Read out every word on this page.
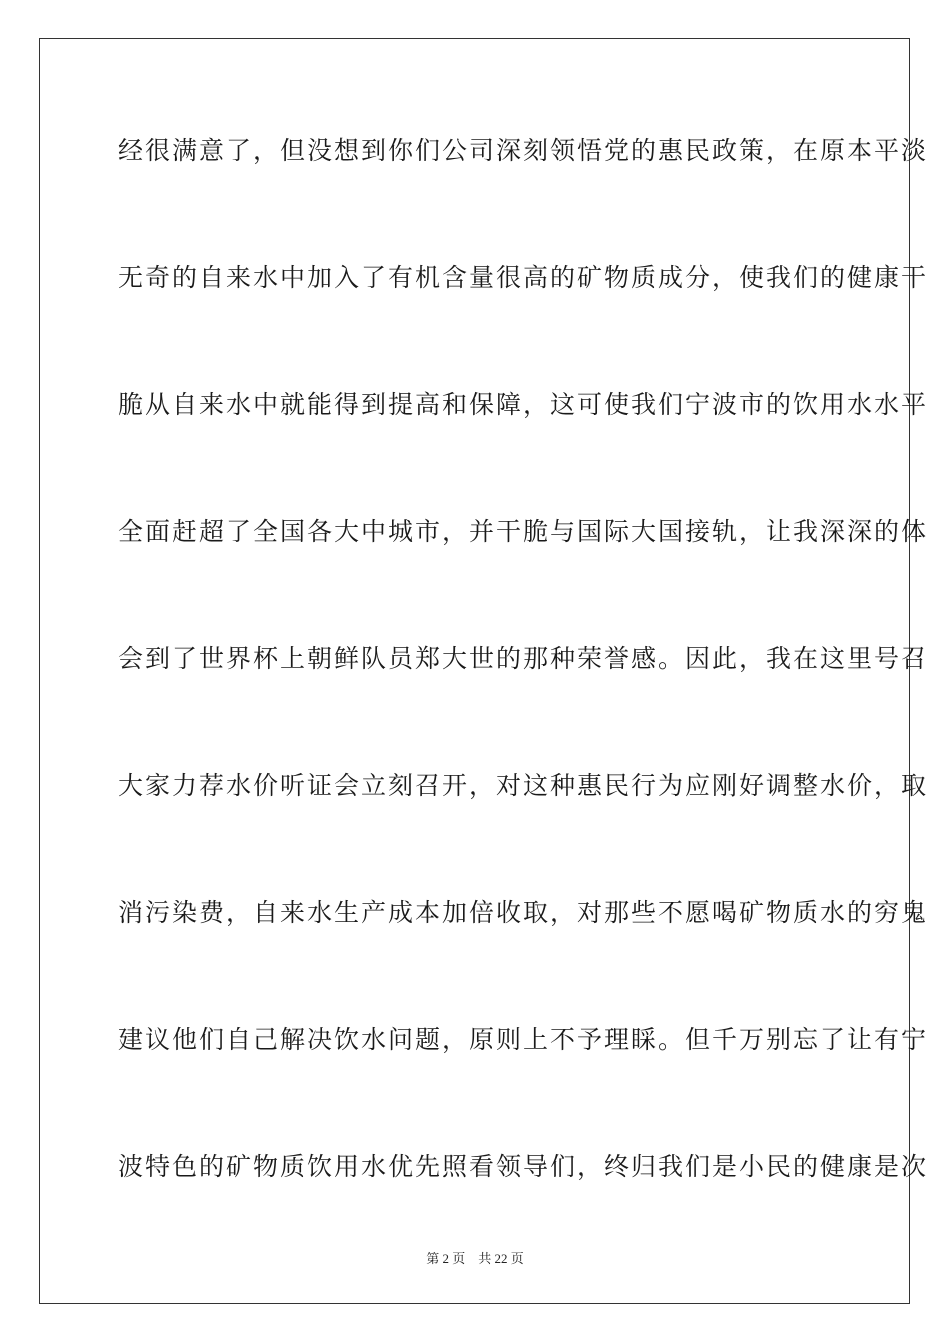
经很满意了，但没想到你们公司深刻领悟党的惠民政策，在原本平淡
无奇的自来水中加入了有机含量很高的矿物质成分，使我们的健康干
脆从自来水中就能得到提高和保障，这可使我们宁波市的饮用水水平
全面赶超了全国各大中城市，并干脆与国际大国接轨，让我深深的体
会到了世界杯上朝鲜队员郑大世的那种荣誉感。因此，我在这里号召
大家力荐水价听证会立刻召开，对这种惠民行为应刚好调整水价，取
消污染费，自来水生产成本加倍收取，对那些不愿喝矿物质水的穷鬼
建议他们自己解决饮水问题，原则上不予理睬。但千万别忘了让有宁
波特色的矿物质饮用水优先照看领导们，终归我们是小民的健康是次
第 2 页 共 22 页
